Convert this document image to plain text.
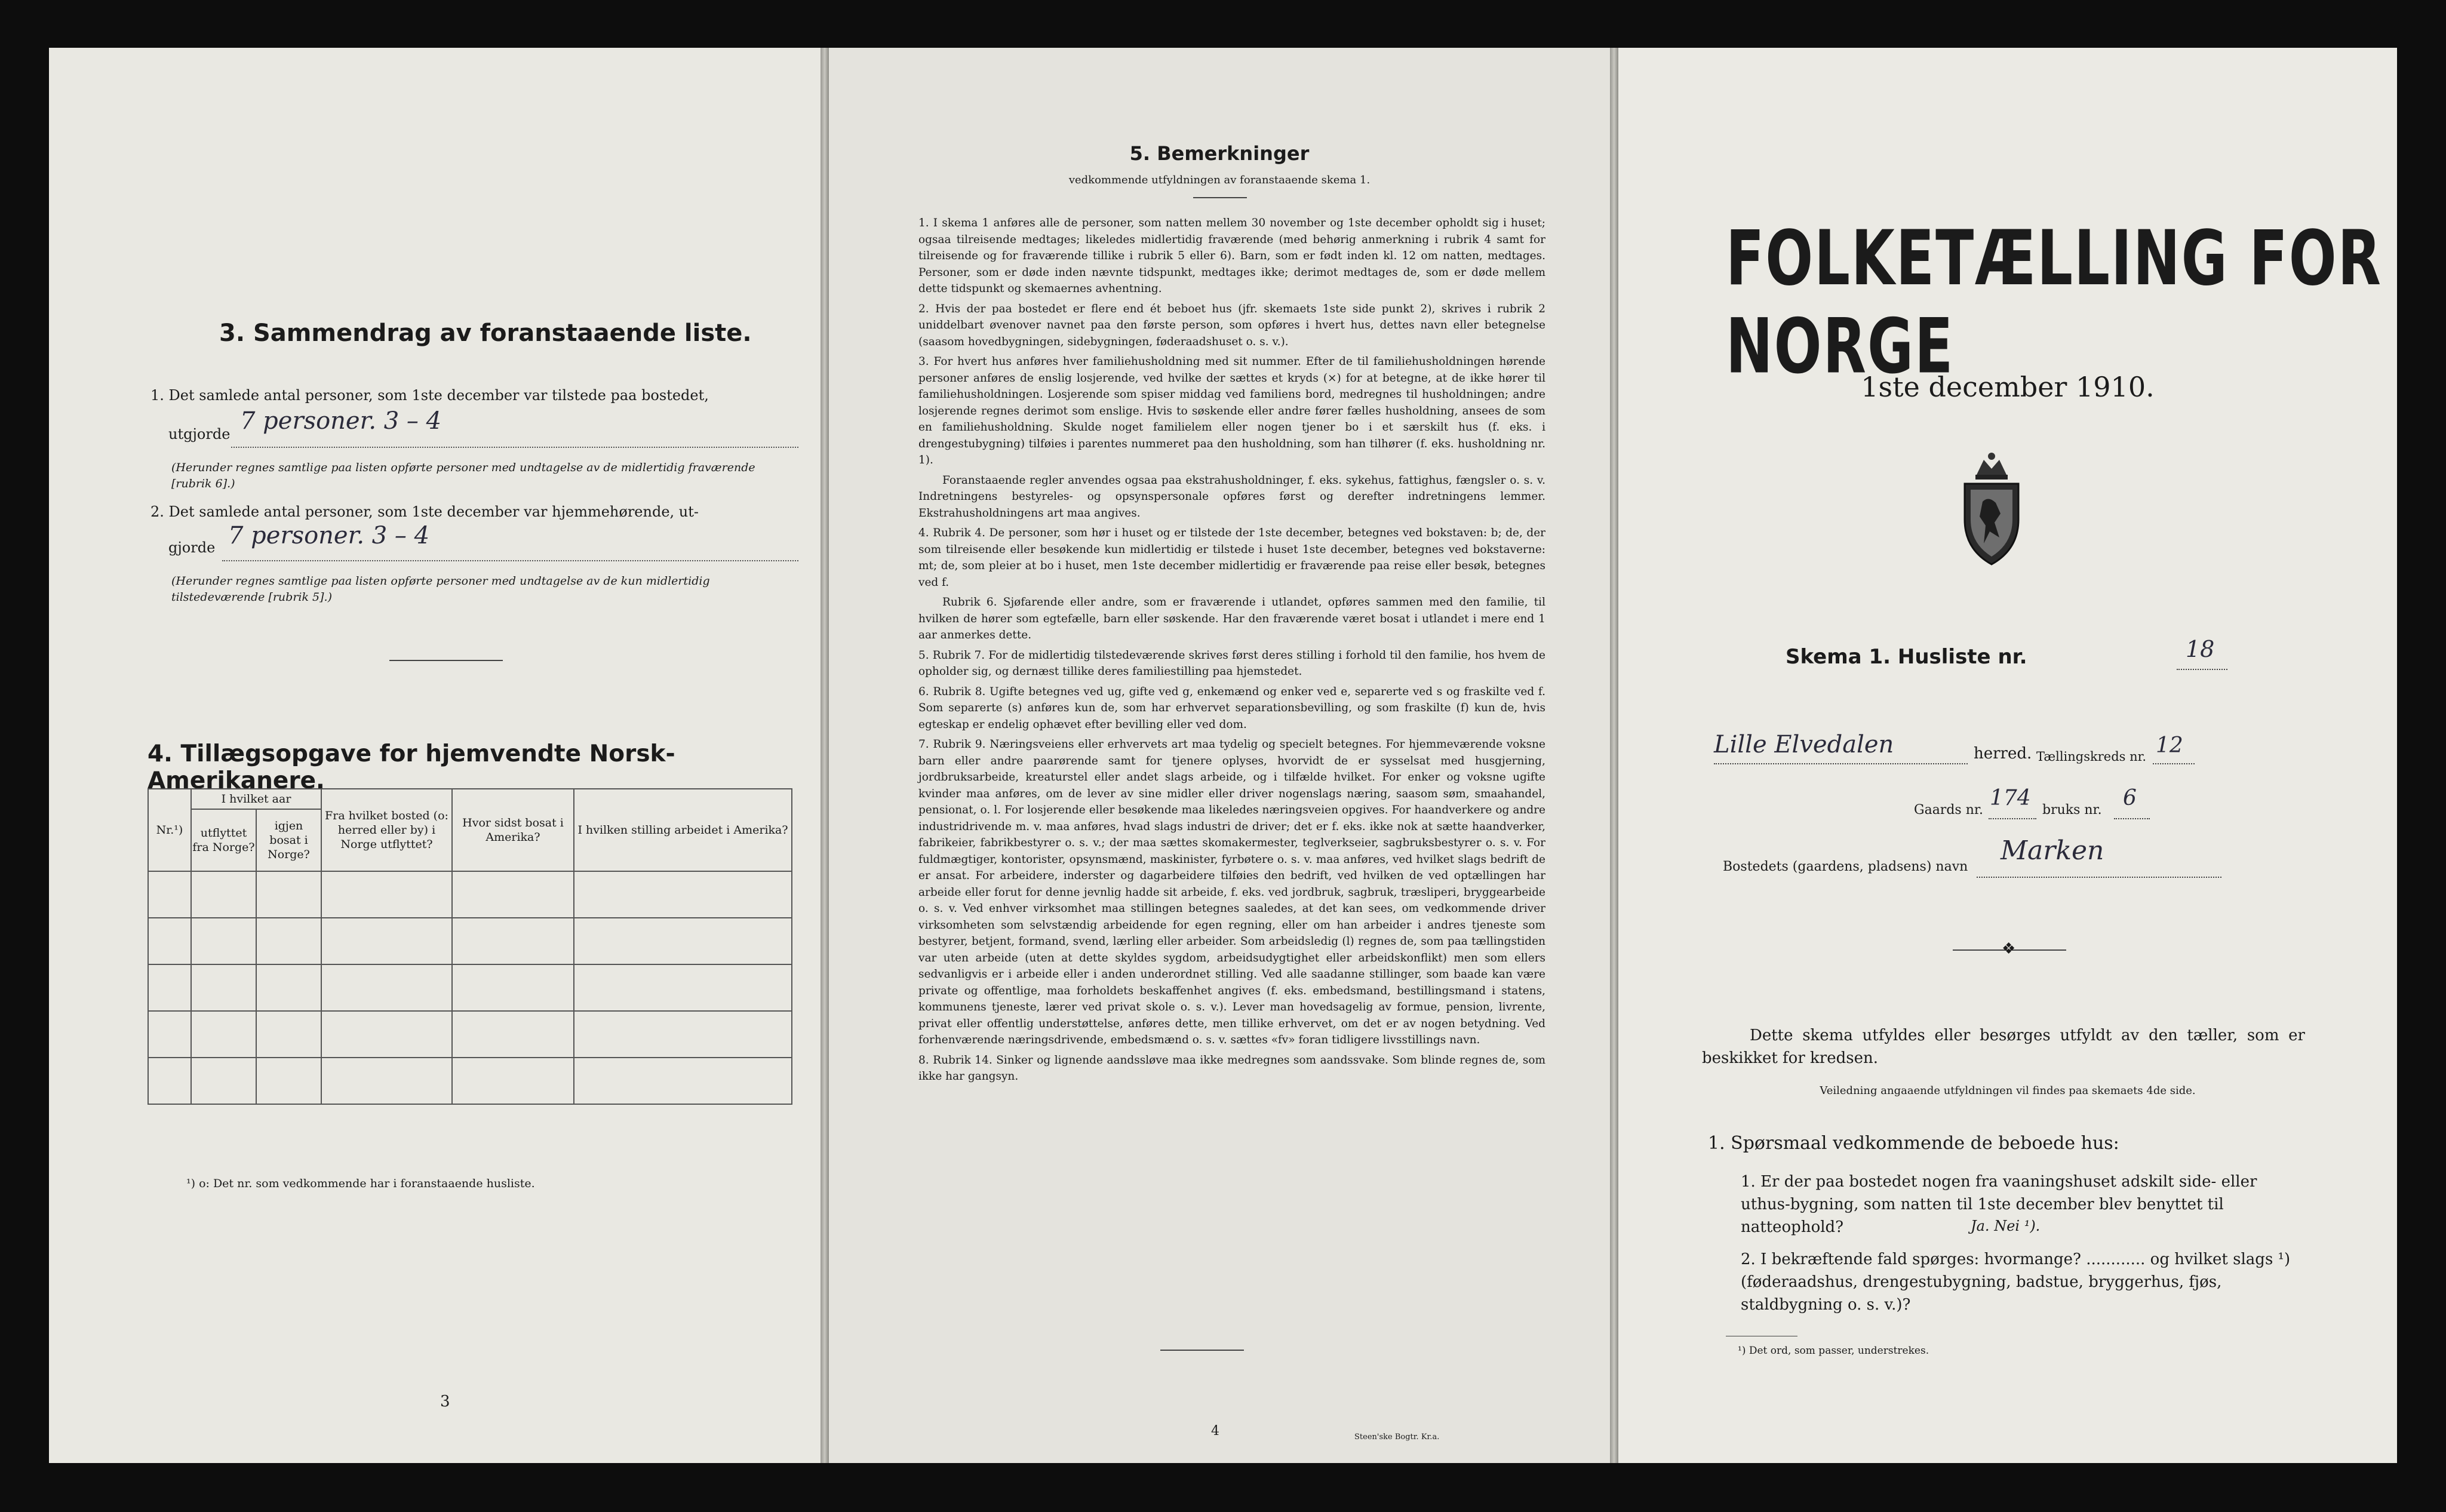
3. Sammendrag av foranstaaende liste.
1. Det samlede antal personer, som 1ste december var tilstede paa bostedet,
utgjorde 7 personer. 3 – 4
(Herunder regnes samtlige paa listen opførte personer med undtagelse av de midlertidig fraværende [rubrik 6].)
2. Det samlede antal personer, som 1ste december var hjemmehørende, ut-
gjorde 7 personer. 3 – 4
(Herunder regnes samtlige paa listen opførte personer med undtagelse av de kun midlertidig tilstedeværende [rubrik 5].)
4. Tillægsopgave for hjemvendte Norsk-Amerikanere.
Nr.¹)	I hvilket aar		Fra hvilket bosted (o: herred eller by) i Norge utflyttet?	Hvor sidst bosat i Amerika?	I hvilken stilling arbeidet i Amerika?
	utflyttet fra Norge?	igjen bosat i Norge?			

¹) o: Det nr. som vedkommende har i foranstaaende husliste.
3
5. Bemerkninger
vedkommende utfyldningen av foranstaaende skema 1.

1. I skema 1 anføres alle de personer, som natten mellem 30 november og 1ste december opholdt sig i huset; ogsaa tilreisende medtages; likeledes midlertidig fraværende (med behørig anmerkning i rubrik 4 samt for tilreisende og for fraværende tillike i rubrik 5 eller 6). Barn, som er født inden kl. 12 om natten, medtages. Personer, som er døde inden nævnte tidspunkt, medtages ikke; derimot medtages de, som er døde mellem dette tidspunkt og skemaernes avhentning.

2. Hvis der paa bostedet er flere end ét beboet hus (jfr. skemaets 1ste side punkt 2), skrives i rubrik 2 uniddelbart øvenover navnet paa den første person, som opføres i hvert hus, dettes navn eller betegnelse (saasom hovedbygningen, sidebygningen, føderaadshuset o. s. v.).

3. For hvert hus anføres hver familiehusholdning med sit nummer. Efter de til familiehusholdningen hørende personer anføres de enslig losjerende, ved hvilke der sættes et kryds (×) for at betegne, at de ikke hører til familiehusholdningen. Losjerende som spiser middag ved familiens bord, medregnes til husholdningen; andre losjerende regnes derimot som enslige. Hvis to søskende eller andre fører fælles husholdning, ansees de som en familiehusholdning. Skulde noget familielem eller nogen tjener bo i et særskilt hus (f. eks. i drengestubygning) tilføies i parentes nummeret paa den husholdning, som han tilhører (f. eks. husholdning nr. 1).

Foranstaaende regler anvendes ogsaa paa ekstrahusholdninger, f. eks. sykehus, fattighus, fængsler o. s. v. Indretningens bestyreles- og opsynspersonale opføres først og derefter indretningens lemmer. Ekstrahusholdningens art maa angives.

4. Rubrik 4. De personer, som hør i huset og er tilstede der 1ste december, betegnes ved bokstaven: b; de, der som tilreisende eller besøkende kun midlertidig er tilstede i huset 1ste december, betegnes ved bokstaverne: mt; de, som pleier at bo i huset, men 1ste december midlertidig er fraværende paa reise eller besøk, betegnes ved f.

Rubrik 6. Sjøfarende eller andre, som er fraværende i utlandet, opføres sammen med den familie, til hvilken de hører som egtefælle, barn eller søskende. Har den fraværende været bosat i utlandet i mere end 1 aar anmerkes dette.

5. Rubrik 7. For de midlertidig tilstedeværende skrives først deres stilling i forhold til den familie, hos hvem de opholder sig, og dernæst tillike deres familiestilling paa hjemstedet.

6. Rubrik 8. Ugifte betegnes ved ug, gifte ved g, enkemænd og enker ved e, separerte ved s og fraskilte ved f. Som separerte (s) anføres kun de, som har erhvervet separationsbevilling, og som fraskilte (f) kun de, hvis egteskap er endelig ophævet efter bevilling eller ved dom.

7. Rubrik 9. Næringsveiens eller erhvervets art maa tydelig og specielt betegnes. For hjemmeværende voksne barn eller andre paarørende samt for tjenere oplyses, hvorvidt de er sysselsat med husgjerning, jordbruksarbeide, kreaturstel eller andet slags arbeide, og i tilfælde hvilket. For enker og voksne ugifte kvinder maa anføres, om de lever av sine midler eller driver nogenslags næring, saasom søm, smaahandel, pensionat, o. l. For losjerende eller besøkende maa likeledes næringsveien opgives. For haandverkere og andre industridrivende m. v. maa anføres, hvad slags industri de driver; det er f. eks. ikke nok at sætte haandverker, fabrikeier, fabrikbestyrer o. s. v.; der maa sættes skomakermester, teglverkseier, sagbruksbestyrer o. s. v. For fuldmægtiger, kontorister, opsynsmænd, maskinister, fyrbøtere o. s. v. maa anføres, ved hvilket slags bedrift de er ansat. For arbeidere, inderster og dagarbeidere tilføies den bedrift, ved hvilken de ved optællingen har arbeide eller forut for denne jevnlig hadde sit arbeide, f. eks. ved jordbruk, sagbruk, træsliperi, bryggearbeide o. s. v. Ved enhver virksomhet maa stillingen betegnes saaledes, at det kan sees, om vedkommende driver virksomheten som selvstændig arbeidende for egen regning, eller om han arbeider i andres tjeneste som bestyrer, betjent, formand, svend, lærling eller arbeider. Som arbeidsledig (l) regnes de, som paa tællingstiden var uten arbeide (uten at dette skyldes sygdom, arbeidsudygtighet eller arbeidskonflikt) men som ellers sedvanligvis er i arbeide eller i anden underordnet stilling. Ved alle saadanne stillinger, som baade kan være private og offentlige, maa forholdets beskaffenhet angives (f. eks. embedsmand, bestillingsmand i statens, kommunens tjeneste, lærer ved privat skole o. s. v.). Lever man hovedsagelig av formue, pension, livrente, privat eller offentlig understøttelse, anføres dette, men tillike erhvervet, om det er av nogen betydning. Ved forhenværende næringsdrivende, embedsmænd o. s. v. sættes «fv» foran tidligere livsstillings navn.

8. Rubrik 14. Sinker og lignende aandssløve maa ikke medregnes som aandssvake. Som blinde regnes de, som ikke har gangsyn.

4	Steen'ske Bogtr. Kr.a.
FOLKETÆLLING FOR NORGE
1ste december 1910.
Skema 1. Husliste nr.	18
Lille Elvedalen	herred. Tællingskreds nr. 12
Gaards nr. 174 bruks nr. 6
Bostedets (gaardens, pladsens) navn
Marken
❖
Dette skema utfyldes eller besørges utfyldt av den tæller, som er beskikket for kredsen.
Veiledning angaaende utfyldningen vil findes paa skemaets 4de side.
1. Spørsmaal vedkommende de beboede hus:
1. Er der paa bostedet nogen fra vaaningshuset adskilt side- eller uthus-bygning, som natten til 1ste december blev benyttet til natteophold?	Ja. Nei ¹).
2. I bekræftende fald spørges: hvormange? ............ og hvilket slags ¹) (føderaadshus, drengestubygning, badstue, bryggerhus, fjøs, staldbygning o. s. v.)?
¹) Det ord, som passer, understrekes.
